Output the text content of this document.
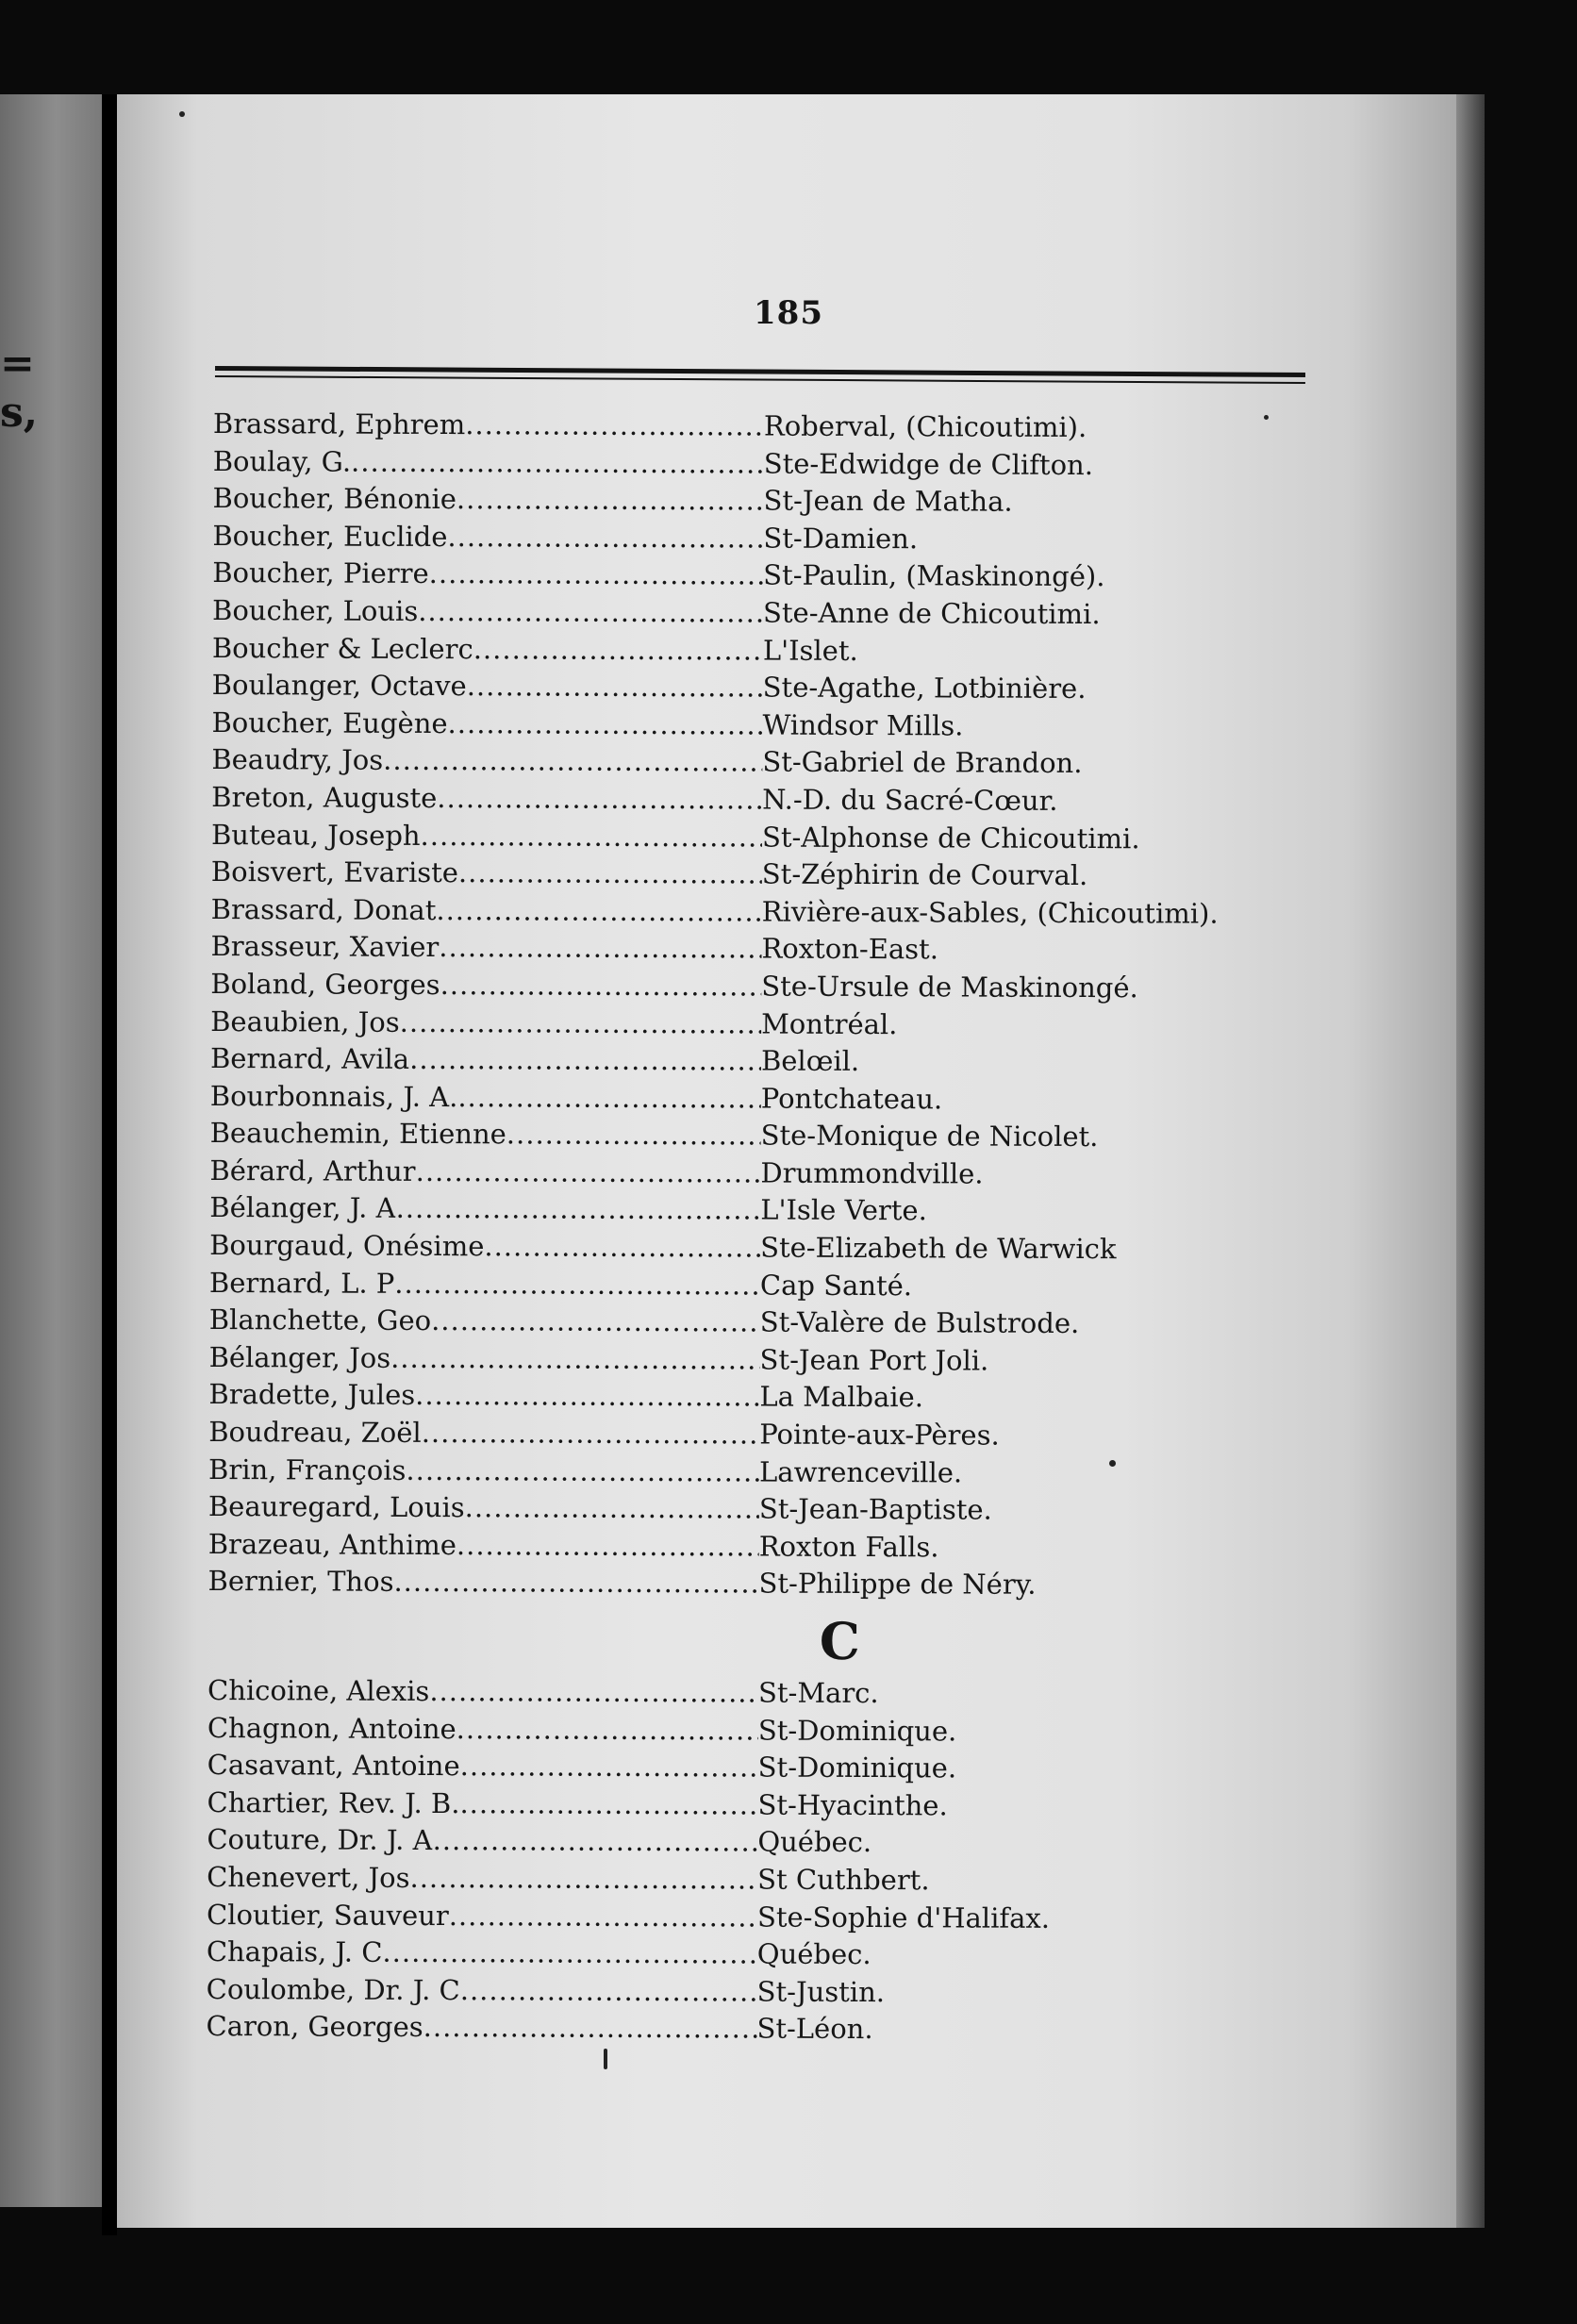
=
s,
185
Brassard, Ephrem .....	Roberval, (Chicoutimi).
Boulay, G. .....	Ste-Edwidge de Clifton.
Boucher, Bénonie .....	St-Jean de Matha.
Boucher, Euclide .....	St-Damien.
Boucher, Pierre .....	St-Paulin, (Maskinongé).
Boucher, Louis .....	Ste-Anne de Chicoutimi.
Boucher & Leclerc .....	L'Islet.
Boulanger, Octave .....	Ste-Agathe, Lotbinière.
Boucher, Eugène .....	Windsor Mills.
Beaudry, Jos .....	St-Gabriel de Brandon.
Breton, Auguste .....	N.-D. du Sacré-Cœur.
Buteau, Joseph .....	St-Alphonse de Chicoutimi.
Boisvert, Evariste .....	St-Zéphirin de Courval.
Brassard, Donat .....	Rivière-aux-Sables, (Chicoutimi).
Brasseur, Xavier .....	Roxton-East.
Boland, Georges .....	Ste-Ursule de Maskinongé.
Beaubien, Jos .....	Montréal.
Bernard, Avila .....	Belœil.
Bourbonnais, J. A. .....	Pontchateau.
Beauchemin, Etienne .....	Ste-Monique de Nicolet.
Bérard, Arthur .....	Drummondville.
Bélanger, J. A .....	L'Isle Verte.
Bourgaud, Onésime .....	Ste-Elizabeth de Warwick
Bernard, L. P .....	Cap Santé.
Blanchette, Geo .....	St-Valère de Bulstrode.
Bélanger, Jos .....	St-Jean Port Joli.
Bradette, Jules .....	La Malbaie.
Boudreau, Zoël .....	Pointe-aux-Pères.
Brin, François .....	Lawrenceville.
Beauregard, Louis .....	St-Jean-Baptiste.
Brazeau, Anthime .....	Roxton Falls.
Bernier, Thos .....	St-Philippe de Néry.
C
Chicoine, Alexis .....	St-Marc.
Chagnon, Antoine .....	St-Dominique.
Casavant, Antoine .....	St-Dominique.
Chartier, Rev. J. B. .....	St-Hyacinthe.
Couture, Dr. J. A .....	Québec.
Chenevert, Jos .....	St Cuthbert.
Cloutier, Sauveur .....	Ste-Sophie d'Halifax.
Chapais, J. C .....	Québec.
Coulombe, Dr. J. C .....	St-Justin.
Caron, Georges .....	St-Léon.
